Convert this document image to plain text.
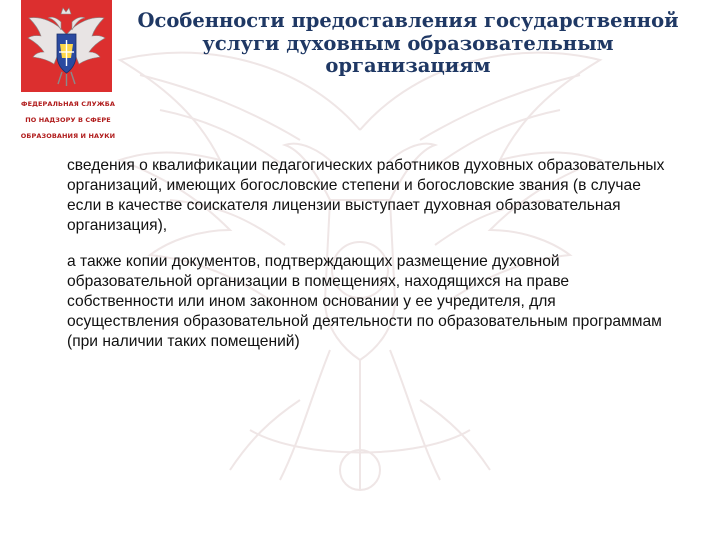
ФЕДЕРАЛЬНАЯ СЛУЖБА
ПО НАДЗОРУ В СФЕРЕ
ОБРАЗОВАНИЯ И НАУКИ
Особенности предоставления государственной услуги духовным образовательным организациям

сведения о квалификации педагогических работников духовных образовательных организаций, имеющих богословские степени и богословские звания (в случае если в качестве соискателя лицензии выступает духовная образовательная организация),

а также копии документов, подтверждающих размещение духовной образовательной организации в помещениях, находящихся на праве собственности или ином законном основании у ее учредителя, для осуществления образовательной деятельности по образовательным программам (при наличии таких помещений)
